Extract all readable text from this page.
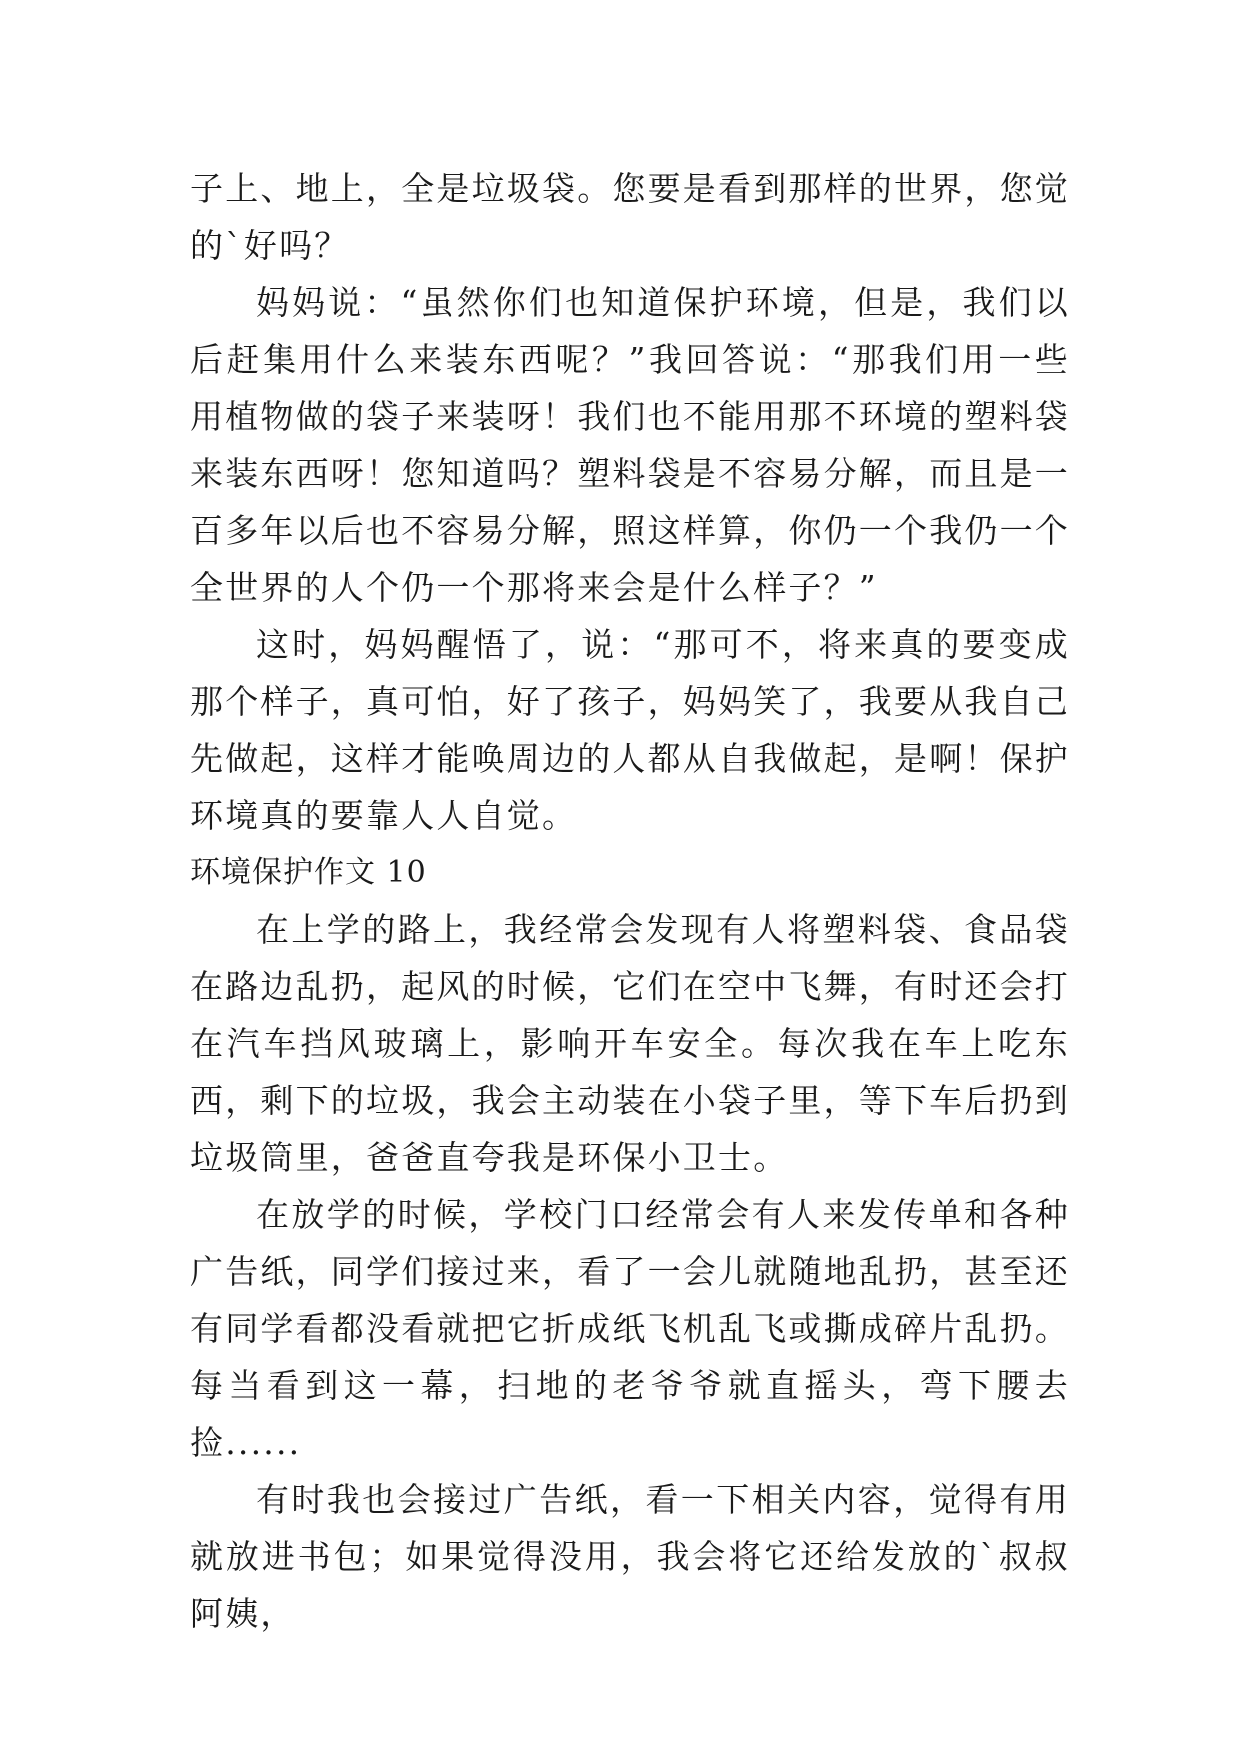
子上、地上，全是垃圾袋。您要是看到那样的世界，您觉的`好吗？

妈妈说：“虽然你们也知道保护环境，但是，我们以后赶集用什么来装东西呢？”我回答说：“那我们用一些用植物做的袋子来装呀！我们也不能用那不环境的塑料袋来装东西呀！您知道吗？塑料袋是不容易分解，而且是一百多年以后也不容易分解，照这样算，你仍一个我仍一个全世界的人个仍一个那将来会是什么样子？”

这时，妈妈醒悟了，说：“那可不，将来真的要变成那个样子，真可怕，好了孩子，妈妈笑了，我要从我自己先做起，这样才能唤周边的人都从自我做起，是啊！保护环境真的要靠人人自觉。

环境保护作文 10

在上学的路上，我经常会发现有人将塑料袋、食品袋在路边乱扔，起风的时候，它们在空中飞舞，有时还会打在汽车挡风玻璃上，影响开车安全。每次我在车上吃东西，剩下的垃圾，我会主动装在小袋子里，等下车后扔到垃圾筒里，爸爸直夸我是环保小卫士。

在放学的时候，学校门口经常会有人来发传单和各种广告纸，同学们接过来，看了一会儿就随地乱扔，甚至还有同学看都没看就把它折成纸飞机乱飞或撕成碎片乱扔。每当看到这一幕，扫地的老爷爷就直摇头，弯下腰去捡......

有时我也会接过广告纸，看一下相关内容，觉得有用就放进书包；如果觉得没用，我会将它还给发放的`叔叔阿姨，
